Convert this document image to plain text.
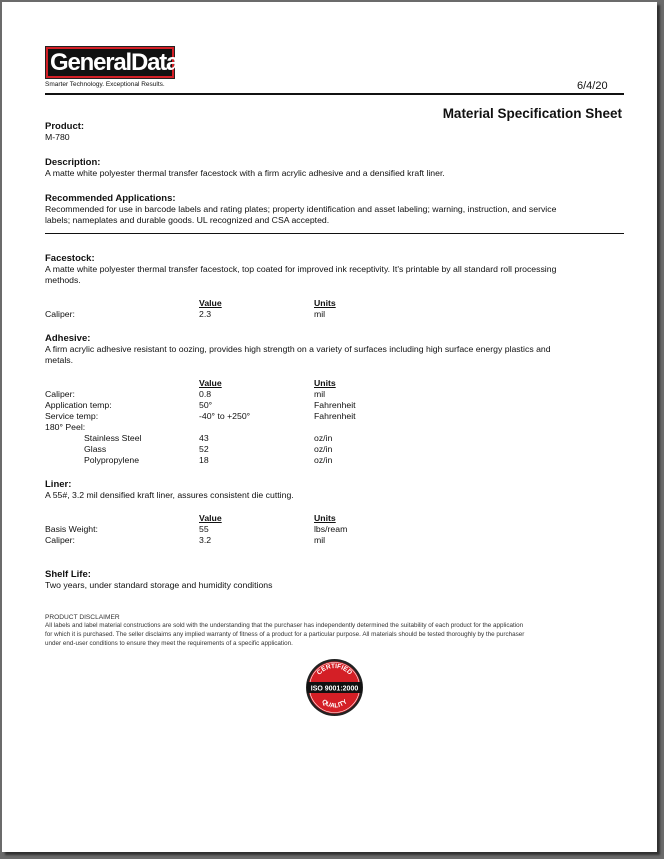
GeneralData
Smarter Technology. Exceptional Results.	6/4/20
Material Specification Sheet
Product:
M-780
Description:
A matte white polyester thermal transfer facestock with a firm acrylic adhesive and a densified kraft liner.
Recommended Applications:
Recommended for use in barcode labels and rating plates; property identification and asset labeling; warning, instruction, and service
labels; nameplates and durable goods. UL recognized and CSA accepted.
Facestock:
A matte white polyester thermal transfer facestock, top coated for improved ink receptivity. It's printable by all standard roll processing
methods.
Value	Units
Caliper:	2.3	mil
Adhesive:
A firm acrylic adhesive resistant to oozing, provides high strength on a variety of surfaces including high surface energy plastics and
metals.
Value	Units
Caliper:	0.8	mil
Application temp:	50°	Fahrenheit
Service temp:	-40° to +250°	Fahrenheit
180° Peel:
Stainless Steel	43	oz/in
Glass	52	oz/in
Polypropylene	18	oz/in
Liner:
A 55#, 3.2 mil densified kraft liner, assures consistent die cutting.
Value	Units
Basis Weight:	55	lbs/ream
Caliper:	3.2	mil
Shelf Life:
Two years, under standard storage and humidity conditions
PRODUCT DISCLAIMER
All labels and label material constructions are sold with the understanding that the purchaser has independently determined the suitability of each product for the application
for which it is purchased. The seller disclaims any implied warranty of fitness of a product for a particular purpose. All materials should be tested thoroughly by the purchaser
under end-user conditions to ensure they meet the requirements of a specific application.
CERTIFIED
ISO 9001:2000
QUALITY
